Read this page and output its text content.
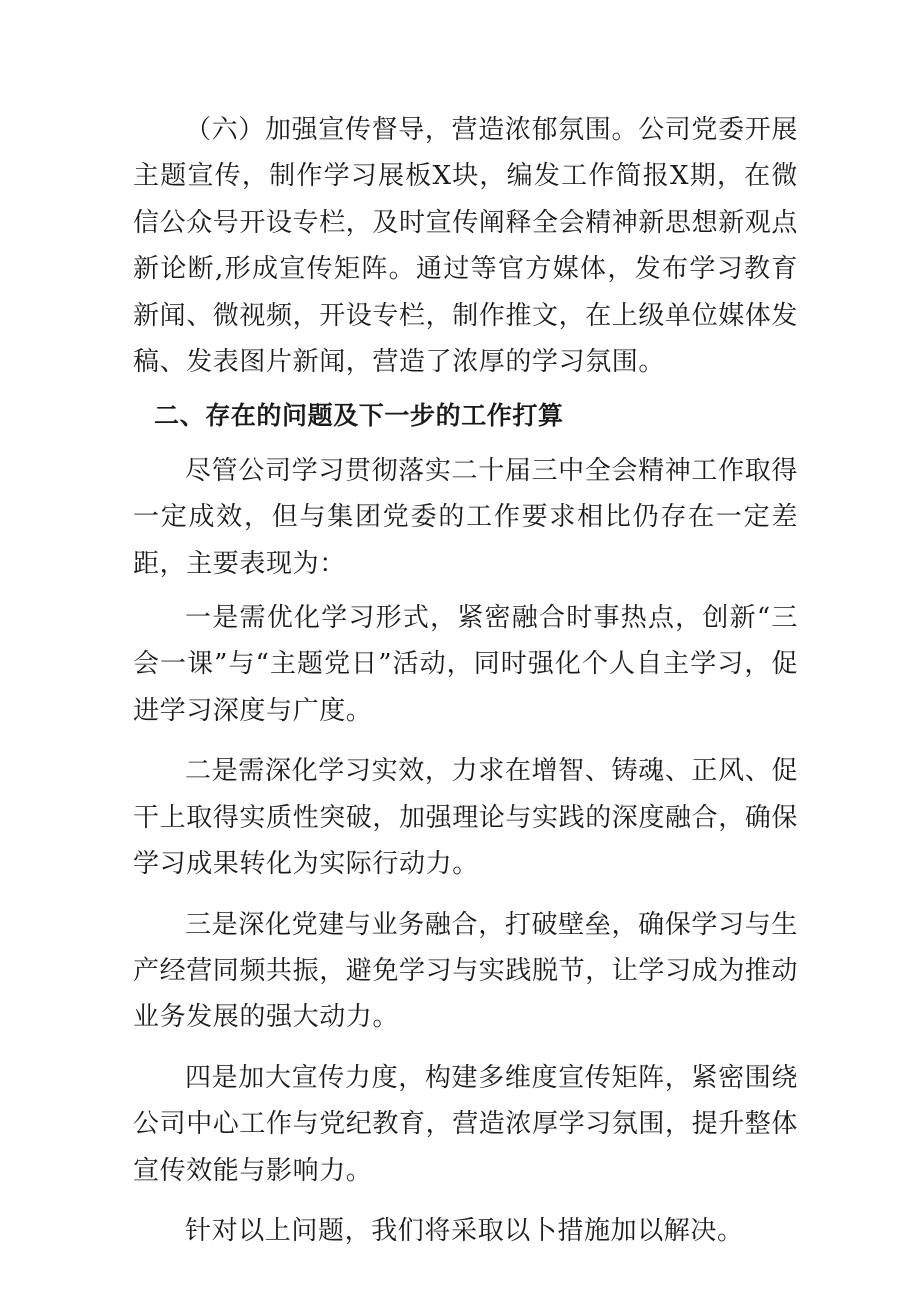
（六）加强宣传督导，营造浓郁氛围。公司党委开展主题宣传，制作学习展板X块，编发工作简报X期，在微信公众号开设专栏，及时宣传阐释全会精神新思想新观点新论断,形成宣传矩阵。通过等官方媒体，发布学习教育新闻、微视频，开设专栏，制作推文，在上级单位媒体发稿、发表图片新闻，营造了浓厚的学习氛围。

二、存在的问题及下一步的工作打算

尽管公司学习贯彻落实二十届三中全会精神工作取得一定成效，但与集团党委的工作要求相比仍存在一定差距，主要表现为：

一是需优化学习形式，紧密融合时事热点，创新“三会一课”与“主题党日”活动，同时强化个人自主学习，促进学习深度与广度。

二是需深化学习实效，力求在增智、铸魂、正风、促干上取得实质性突破，加强理论与实践的深度融合，确保学习成果转化为实际行动力。

三是深化党建与业务融合，打破壁垒，确保学习与生产经营同频共振，避免学习与实践脱节，让学习成为推动业务发展的强大动力。

四是加大宣传力度，构建多维度宣传矩阵，紧密围绕公司中心工作与党纪教育，营造浓厚学习氛围，提升整体宣传效能与影响力。

针对以上问题，我们将采取以卜措施加以解决。
